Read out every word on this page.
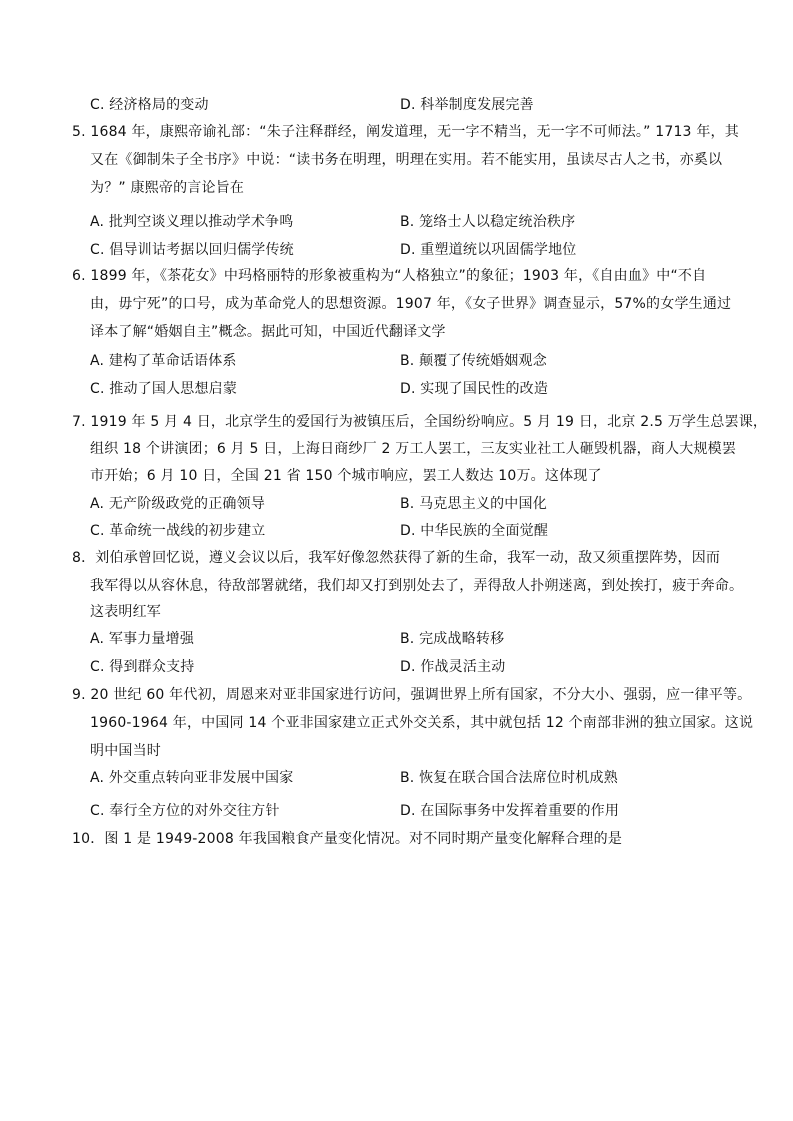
C. 经济格局的变动	D. 科举制度发展完善
5. 1684 年，康熙帝谕礼部：“朱子注释群经，阐发道理，无一字不精当，无一字不可师法。” 1713 年，其
又在《御制朱子全书序》中说：“读书务在明理，明理在实用。若不能实用，虽读尽古人之书，亦奚以
为？” 康熙帝的言论旨在
A. 批判空谈义理以推动学术争鸣	B. 笼络士人以稳定统治秩序
C. 倡导训诂考据以回归儒学传统	D. 重塑道统以巩固儒学地位
6. 1899 年，《茶花女》中玛格丽特的形象被重构为“人格独立”的象征；1903 年，《自由血》中“不自
由，毋宁死”的口号，成为革命党人的思想资源。1907 年，《女子世界》调查显示，57%的女学生通过
译本了解“婚姻自主”概念。据此可知，中国近代翻译文学
A. 建构了革命话语体系	B. 颠覆了传统婚姻观念
C. 推动了国人思想启蒙	D. 实现了国民性的改造
7. 1919 年 5 月 4 日，北京学生的爱国行为被镇压后，全国纷纷响应。5 月 19 日，北京 2.5 万学生总罢课，
组织 18 个讲演团；6 月 5 日，上海日商纱厂 2 万工人罢工，三友实业社工人砸毁机器，商人大规模罢
市开始；6 月 10 日，全国 21 省 150 个城市响应，罢工人数达 10万。这体现了
A. 无产阶级政党的正确领导	B. 马克思主义的中国化
C. 革命统一战线的初步建立	D. 中华民族的全面觉醒
8．刘伯承曾回忆说，遵义会议以后，我军好像忽然获得了新的生命，我军一动，敌又须重摆阵势，因而
我军得以从容休息，待敌部署就绪，我们却又打到别处去了，弄得敌人扑朔迷离，到处挨打，疲于奔命。
这表明红军
A. 军事力量增强	B. 完成战略转移
C. 得到群众支持	D. 作战灵活主动
9. 20 世纪 60 年代初，周恩来对亚非国家进行访问，强调世界上所有国家，不分大小、强弱，应一律平等。
1960-1964 年，中国同 14 个亚非国家建立正式外交关系，其中就包括 12 个南部非洲的独立国家。这说
明中国当时
A. 外交重点转向亚非发展中国家	B. 恢复在联合国合法席位时机成熟
C. 奉行全方位的对外交往方针	D. 在国际事务中发挥着重要的作用
10．图 1 是 1949-2008 年我国粮食产量变化情况。对不同时期产量变化解释合理的是
